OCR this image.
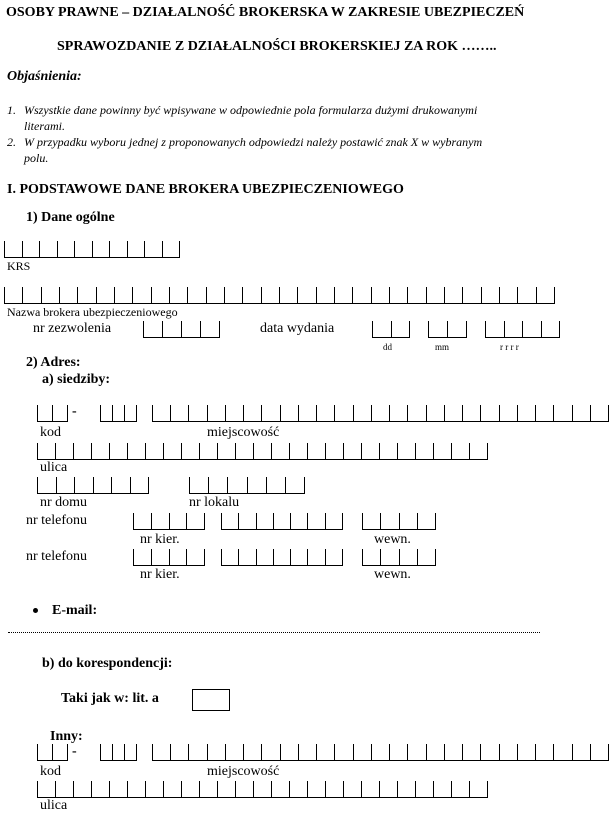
OSOBY PRAWNE – DZIAŁALNOŚĆ BROKERSKA W ZAKRESIE UBEZPIECZEŃ
SPRAWOZDANIE Z DZIAŁALNOŚCI BROKERSKIEJ ZA ROK ……..
Objaśnienia:
1. Wszystkie dane powinny być wpisywane w odpowiednie pola formularza dużymi drukowanymi
literami.
2. W przypadku wyboru jednej z proponowanych odpowiedzi należy postawić znak X w wybranym
polu.
I. PODSTAWOWE DANE BROKERA UBEZPIECZENIOWEGO
1) Dane ogólne
KRS
Nazwa brokera ubezpieczeniowego
nr zezwolenia	data wydania
dd	mm	r r r r
2) Adres:
a) siedziby:
-
kod	miejscowość
ulica
nr domu	nr lokalu
nr telefonu
nr kier.	wewn.
nr telefonu
nr kier.	wewn.
E-mail:
b) do korespondencji:
Taki jak w: lit. a
Inny:
-
kod	miejscowość
ulica
